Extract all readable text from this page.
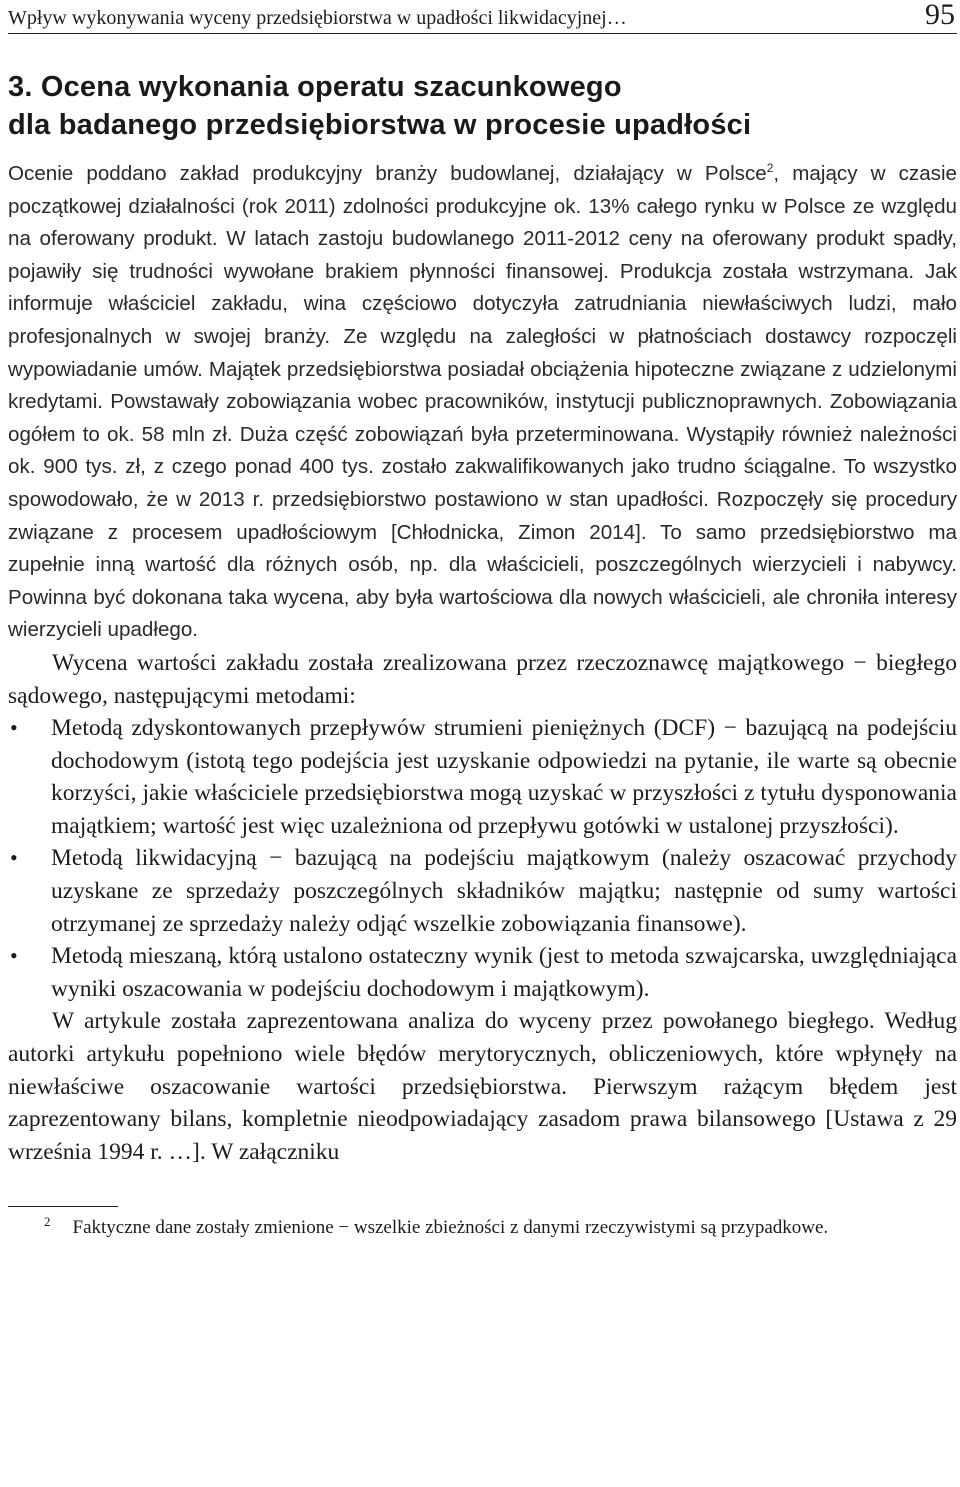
Wpływ wykonywania wyceny przedsiębiorstwa w upadłości likwidacyjnej…	95
3. Ocena wykonania operatu szacunkowego
dla badanego przedsiębiorstwa w procesie upadłości

Ocenie poddano zakład produkcyjny branży budowlanej, działający w Polsce$^2$, mający w czasie początkowej działalności (rok 2011) zdolności produkcyjne ok. 13% całego rynku w Polsce ze względu na oferowany produkt. W latach zastoju budowlanego 2011-2012 ceny na oferowany produkt spadły, pojawiły się trudności wywołane brakiem płynności finansowej. Produkcja została wstrzymana. Jak informuje właściciel zakładu, wina częściowo dotyczyła zatrudniania niewłaściwych ludzi, mało profesjonalnych w swojej branży. Ze względu na zaległości w płatnościach dostawcy rozpoczęli wypowiadanie umów. Majątek przedsiębiorstwa posiadał obciążenia hipoteczne związane z udzielonymi kredytami. Powstawały zobowiązania wobec pracowników, instytucji publicznoprawnych. Zobowiązania ogółem to ok. 58 mln zł. Duża część zobowiązań była przeterminowana. Wystąpiły również należności ok. 900 tys. zł, z czego ponad 400 tys. zostało zakwalifikowanych jako trudno ściągalne. To wszystko spowodowało, że w 2013 r. przedsiębiorstwo postawiono w stan upadłości. Rozpoczęły się procedury związane z procesem upadłościowym [Chłodnicka, Zimon 2014]. To samo przedsiębiorstwo ma zupełnie inną wartość dla różnych osób, np. dla właścicieli, poszczególnych wierzycieli i nabywcy. Powinna być dokonana taka wycena, aby była wartościowa dla nowych właścicieli, ale chroniła interesy wierzycieli upadłego.

Wycena wartości zakładu została zrealizowana przez rzeczoznawcę majątkowego − biegłego sądowego, następującymi metodami:

• Metodą zdyskontowanych przepływów strumieni pieniężnych (DCF) − bazującą na podejściu dochodowym (istotą tego podejścia jest uzyskanie odpowiedzi na pytanie, ile warte są obecnie korzyści, jakie właściciele przedsiębiorstwa mogą uzyskać w przyszłości z tytułu dysponowania majątkiem; wartość jest więc uzależniona od przepływu gotówki w ustalonej przyszłości).
• Metodą likwidacyjną − bazującą na podejściu majątkowym (należy oszacować przychody uzyskane ze sprzedaży poszczególnych składników majątku; następnie od sumy wartości otrzymanej ze sprzedaży należy odjąć wszelkie zobowiązania finansowe).
• Metodą mieszaną, którą ustalono ostateczny wynik (jest to metoda szwajcarska, uwzględniająca wyniki oszacowania w podejściu dochodowym i majątkowym).

W artykule została zaprezentowana analiza do wyceny przez powołanego biegłego. Według autorki artykułu popełniono wiele błędów merytorycznych, obliczeniowych, które wpłynęły na niewłaściwe oszacowanie wartości przedsiębiorstwa. Pierwszym rażącym błędem jest zaprezentowany bilans, kompletnie nieodpowiadający zasadom prawa bilansowego [Ustawa z 29 września 1994 r. …]. W załączniku

$^2$ Faktyczne dane zostały zmienione − wszelkie zbieżności z danymi rzeczywistymi są przypadkowe.
